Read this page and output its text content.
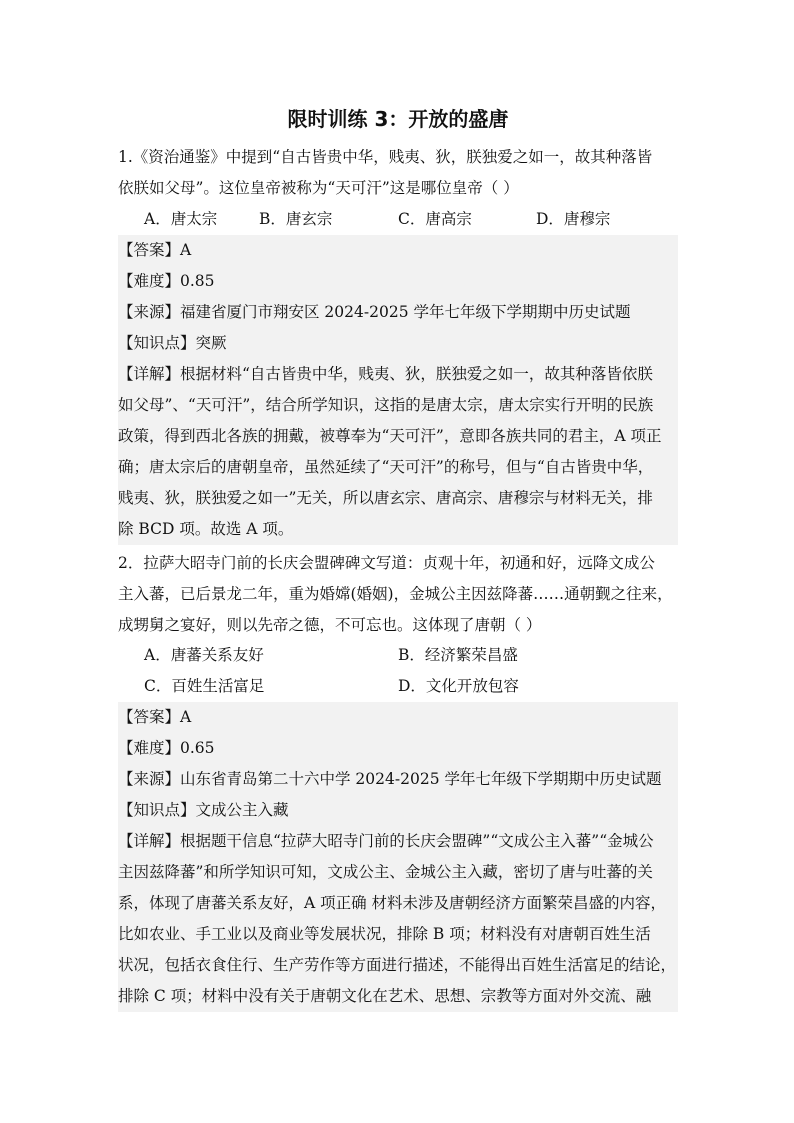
限时训练 3：开放的盛唐
1.《资治通鉴》中提到“自古皆贵中华，贱夷、狄，朕独爱之如一，故其种落皆
依朕如父母”。这位皇帝被称为“天可汗”这是哪位皇帝（ ）
A．唐太宗	B．唐玄宗	C．唐高宗	D．唐穆宗
【答案】A
【难度】0.85
【来源】福建省厦门市翔安区 2024-2025 学年七年级下学期期中历史试题
【知识点】突厥
【详解】根据材料“自古皆贵中华，贱夷、狄，朕独爱之如一，故其种落皆依朕
如父母”、“天可汗”，结合所学知识，这指的是唐太宗，唐太宗实行开明的民族
政策，得到西北各族的拥戴，被尊奉为“天可汗”，意即各族共同的君主，A 项正
确；唐太宗后的唐朝皇帝，虽然延续了“天可汗”的称号，但与“自古皆贵中华，
贱夷、狄，朕独爱之如一”无关，所以唐玄宗、唐高宗、唐穆宗与材料无关，排
除 BCD 项。故选 A 项。
2．拉萨大昭寺门前的长庆会盟碑碑文写道：贞观十年，初通和好，远降文成公
主入蕃，已后景龙二年，重为婚嫦(婚姻)，金城公主因兹降蕃……通朝觐之往来，
成甥舅之宴好，则以先帝之德，不可忘也。这体现了唐朝（ ）
A．唐蕃关系友好	B．经济繁荣昌盛
C．百姓生活富足	D．文化开放包容
【答案】A
【难度】0.65
【来源】山东省青岛第二十六中学 2024-2025 学年七年级下学期期中历史试题
【知识点】文成公主入藏
【详解】根据题干信息“拉萨大昭寺门前的长庆会盟碑”“文成公主入蕃”“金城公
主因兹降蕃”和所学知识可知，文成公主、金城公主入藏，密切了唐与吐蕃的关
系，体现了唐蕃关系友好，A 项正确 材料未涉及唐朝经济方面繁荣昌盛的内容，
比如农业、手工业以及商业等发展状况，排除 B 项；材料没有对唐朝百姓生活
状况，包括衣食住行、生产劳作等方面进行描述，不能得出百姓生活富足的结论，
排除 C 项；材料中没有关于唐朝文化在艺术、思想、宗教等方面对外交流、融
